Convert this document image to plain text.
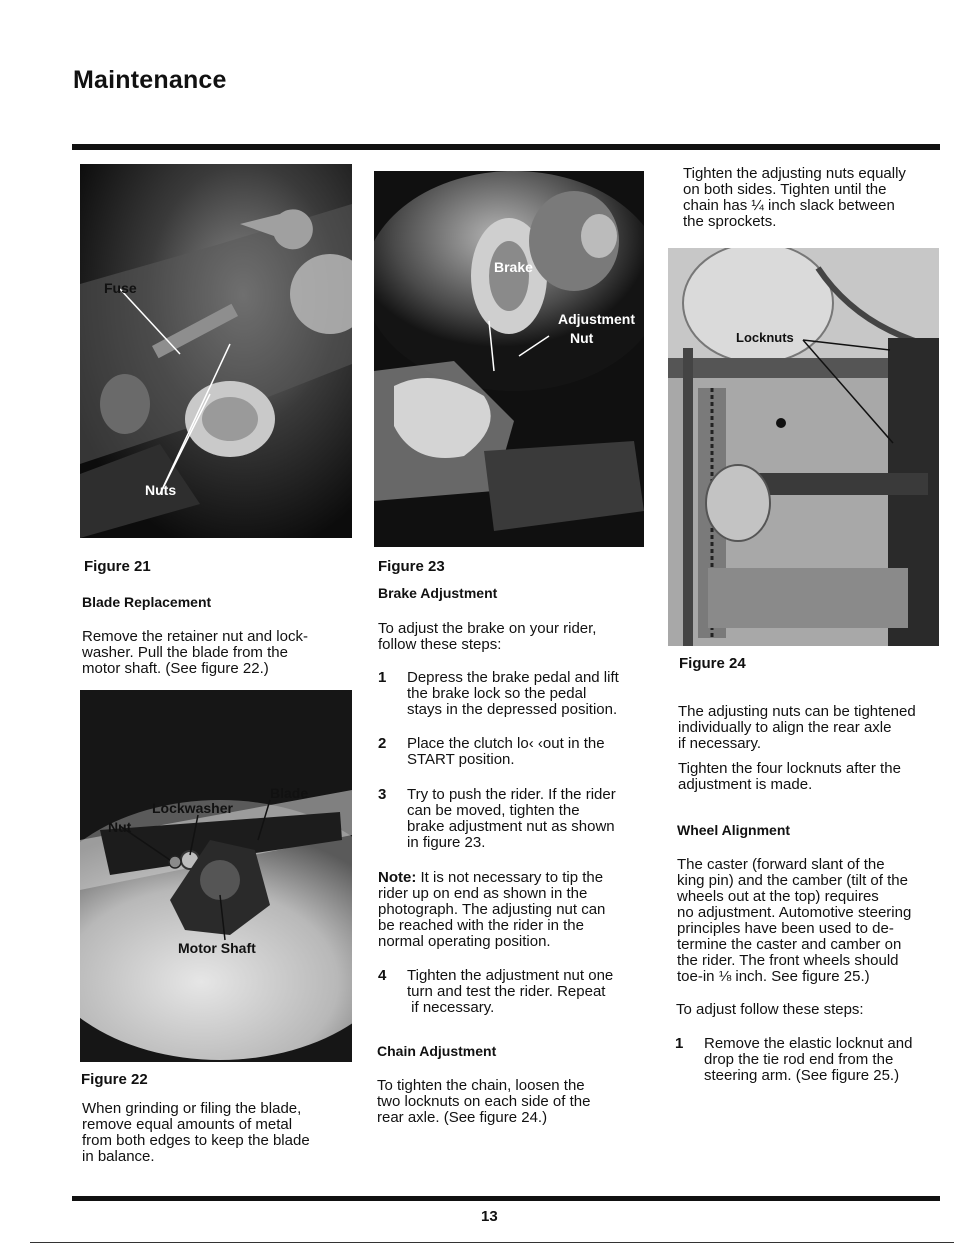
Maintenance
Fuse
Nuts
Figure 21
Blade Replacement
Remove the retainer nut and lock-
washer. Pull the blade from the
motor shaft. (See figure 22.)
Lockwasher
Blade
Nut
Motor Shaft
Figure 22
When grinding or filing the blade,
remove equal amounts of metal
from both edges to keep the blade
in balance.
Brake
Adjustment
Nut
Figure 23
Brake Adjustment
To adjust the brake on your rider,
follow these steps:
1 Depress the brake pedal and lift
the brake lock so the pedal
stays in the depressed position.
2 Place the clutch lo‹ ‹out in the
START position.
3 Try to push the rider. If the rider
can be moved, tighten the
brake adjustment nut as shown
in figure 23.
Note: It is not necessary to tip the
rider up on end as shown in the
photograph. The adjusting nut can
be reached with the rider in the
normal operating position.
4 Tighten the adjustment nut one
turn and test the rider. Repeat
if necessary.
Chain Adjustment
To tighten the chain, loosen the
two locknuts on each side of the
rear axle. (See figure 24.)
Tighten the adjusting nuts equally
on both sides. Tighten until the
chain has ¼ inch slack between
the sprockets.
Locknuts
Figure 24
The adjusting nuts can be tightened
individually to align the rear axle
if necessary.
Tighten the four locknuts after the
adjustment is made.
Wheel Alignment
The caster (forward slant of the
king pin) and the camber (tilt of the
wheels out at the top) requires
no adjustment. Automotive steering
principles have been used to de-
termine the caster and camber on
the rider. The front wheels should
toe-in ⅛ inch. See figure 25.)
To adjust follow these steps:
1 Remove the elastic locknut and
drop the tie rod end from the
steering arm. (See figure 25.)
13
